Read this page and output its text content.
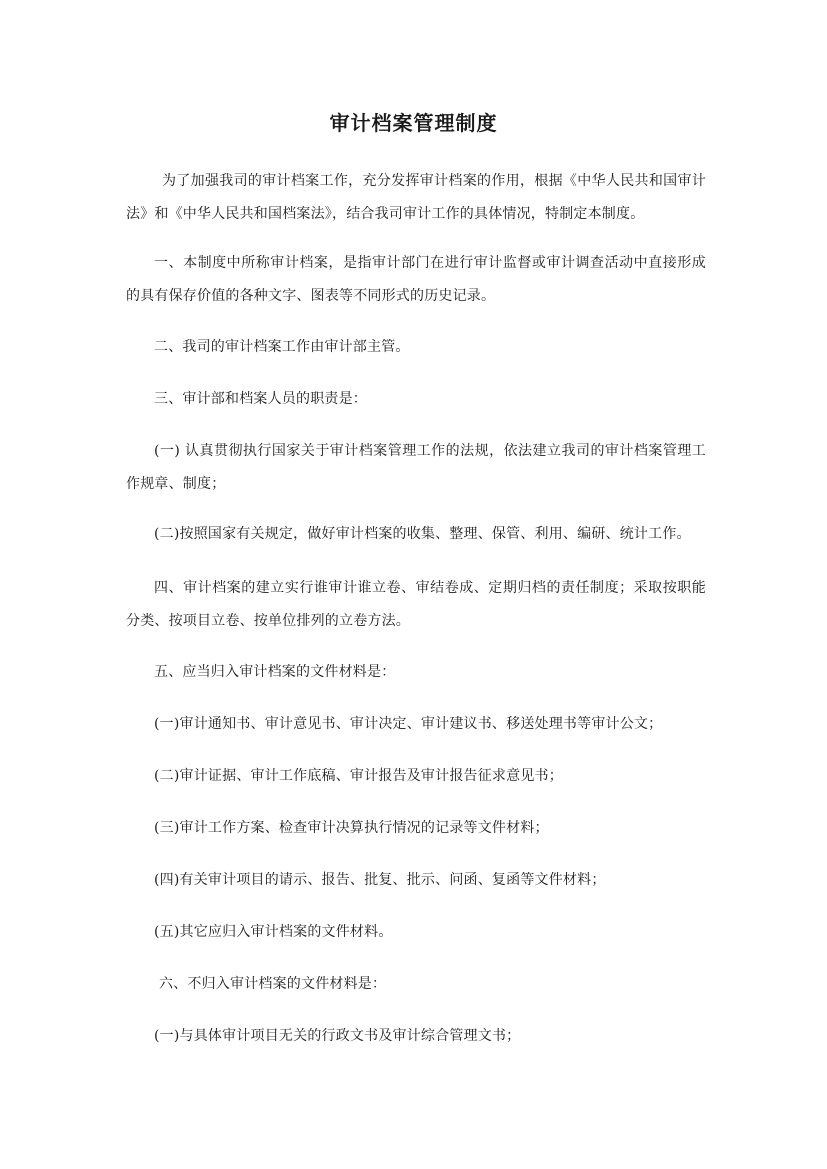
审计档案管理制度
为了加强我司的审计档案工作，充分发挥审计档案的作用，根据《中华人民共和国审计法》和《中华人民共和国档案法》，结合我司审计工作的具体情况，特制定本制度。
一、本制度中所称审计档案，是指审计部门在进行审计监督或审计调查活动中直接形成的具有保存价值的各种文字、图表等不同形式的历史记录。
二、我司的审计档案工作由审计部主管。
三、审计部和档案人员的职责是：
(一) 认真贯彻执行国家关于审计档案管理工作的法规，依法建立我司的审计档案管理工作规章、制度；
(二)按照国家有关规定，做好审计档案的收集、整理、保管、利用、编研、统计工作。
四、审计档案的建立实行谁审计谁立卷、审结卷成、定期归档的责任制度；采取按职能分类、按项目立卷、按单位排列的立卷方法。
五、应当归入审计档案的文件材料是：
(一)审计通知书、审计意见书、审计决定、审计建议书、移送处理书等审计公文；
(二)审计证据、审计工作底稿、审计报告及审计报告征求意见书；
(三)审计工作方案、检查审计决算执行情况的记录等文件材料；
(四)有关审计项目的请示、报告、批复、批示、问函、复函等文件材料；
(五)其它应归入审计档案的文件材料。
六、不归入审计档案的文件材料是：
(一)与具体审计项目无关的行政文书及审计综合管理文书；
